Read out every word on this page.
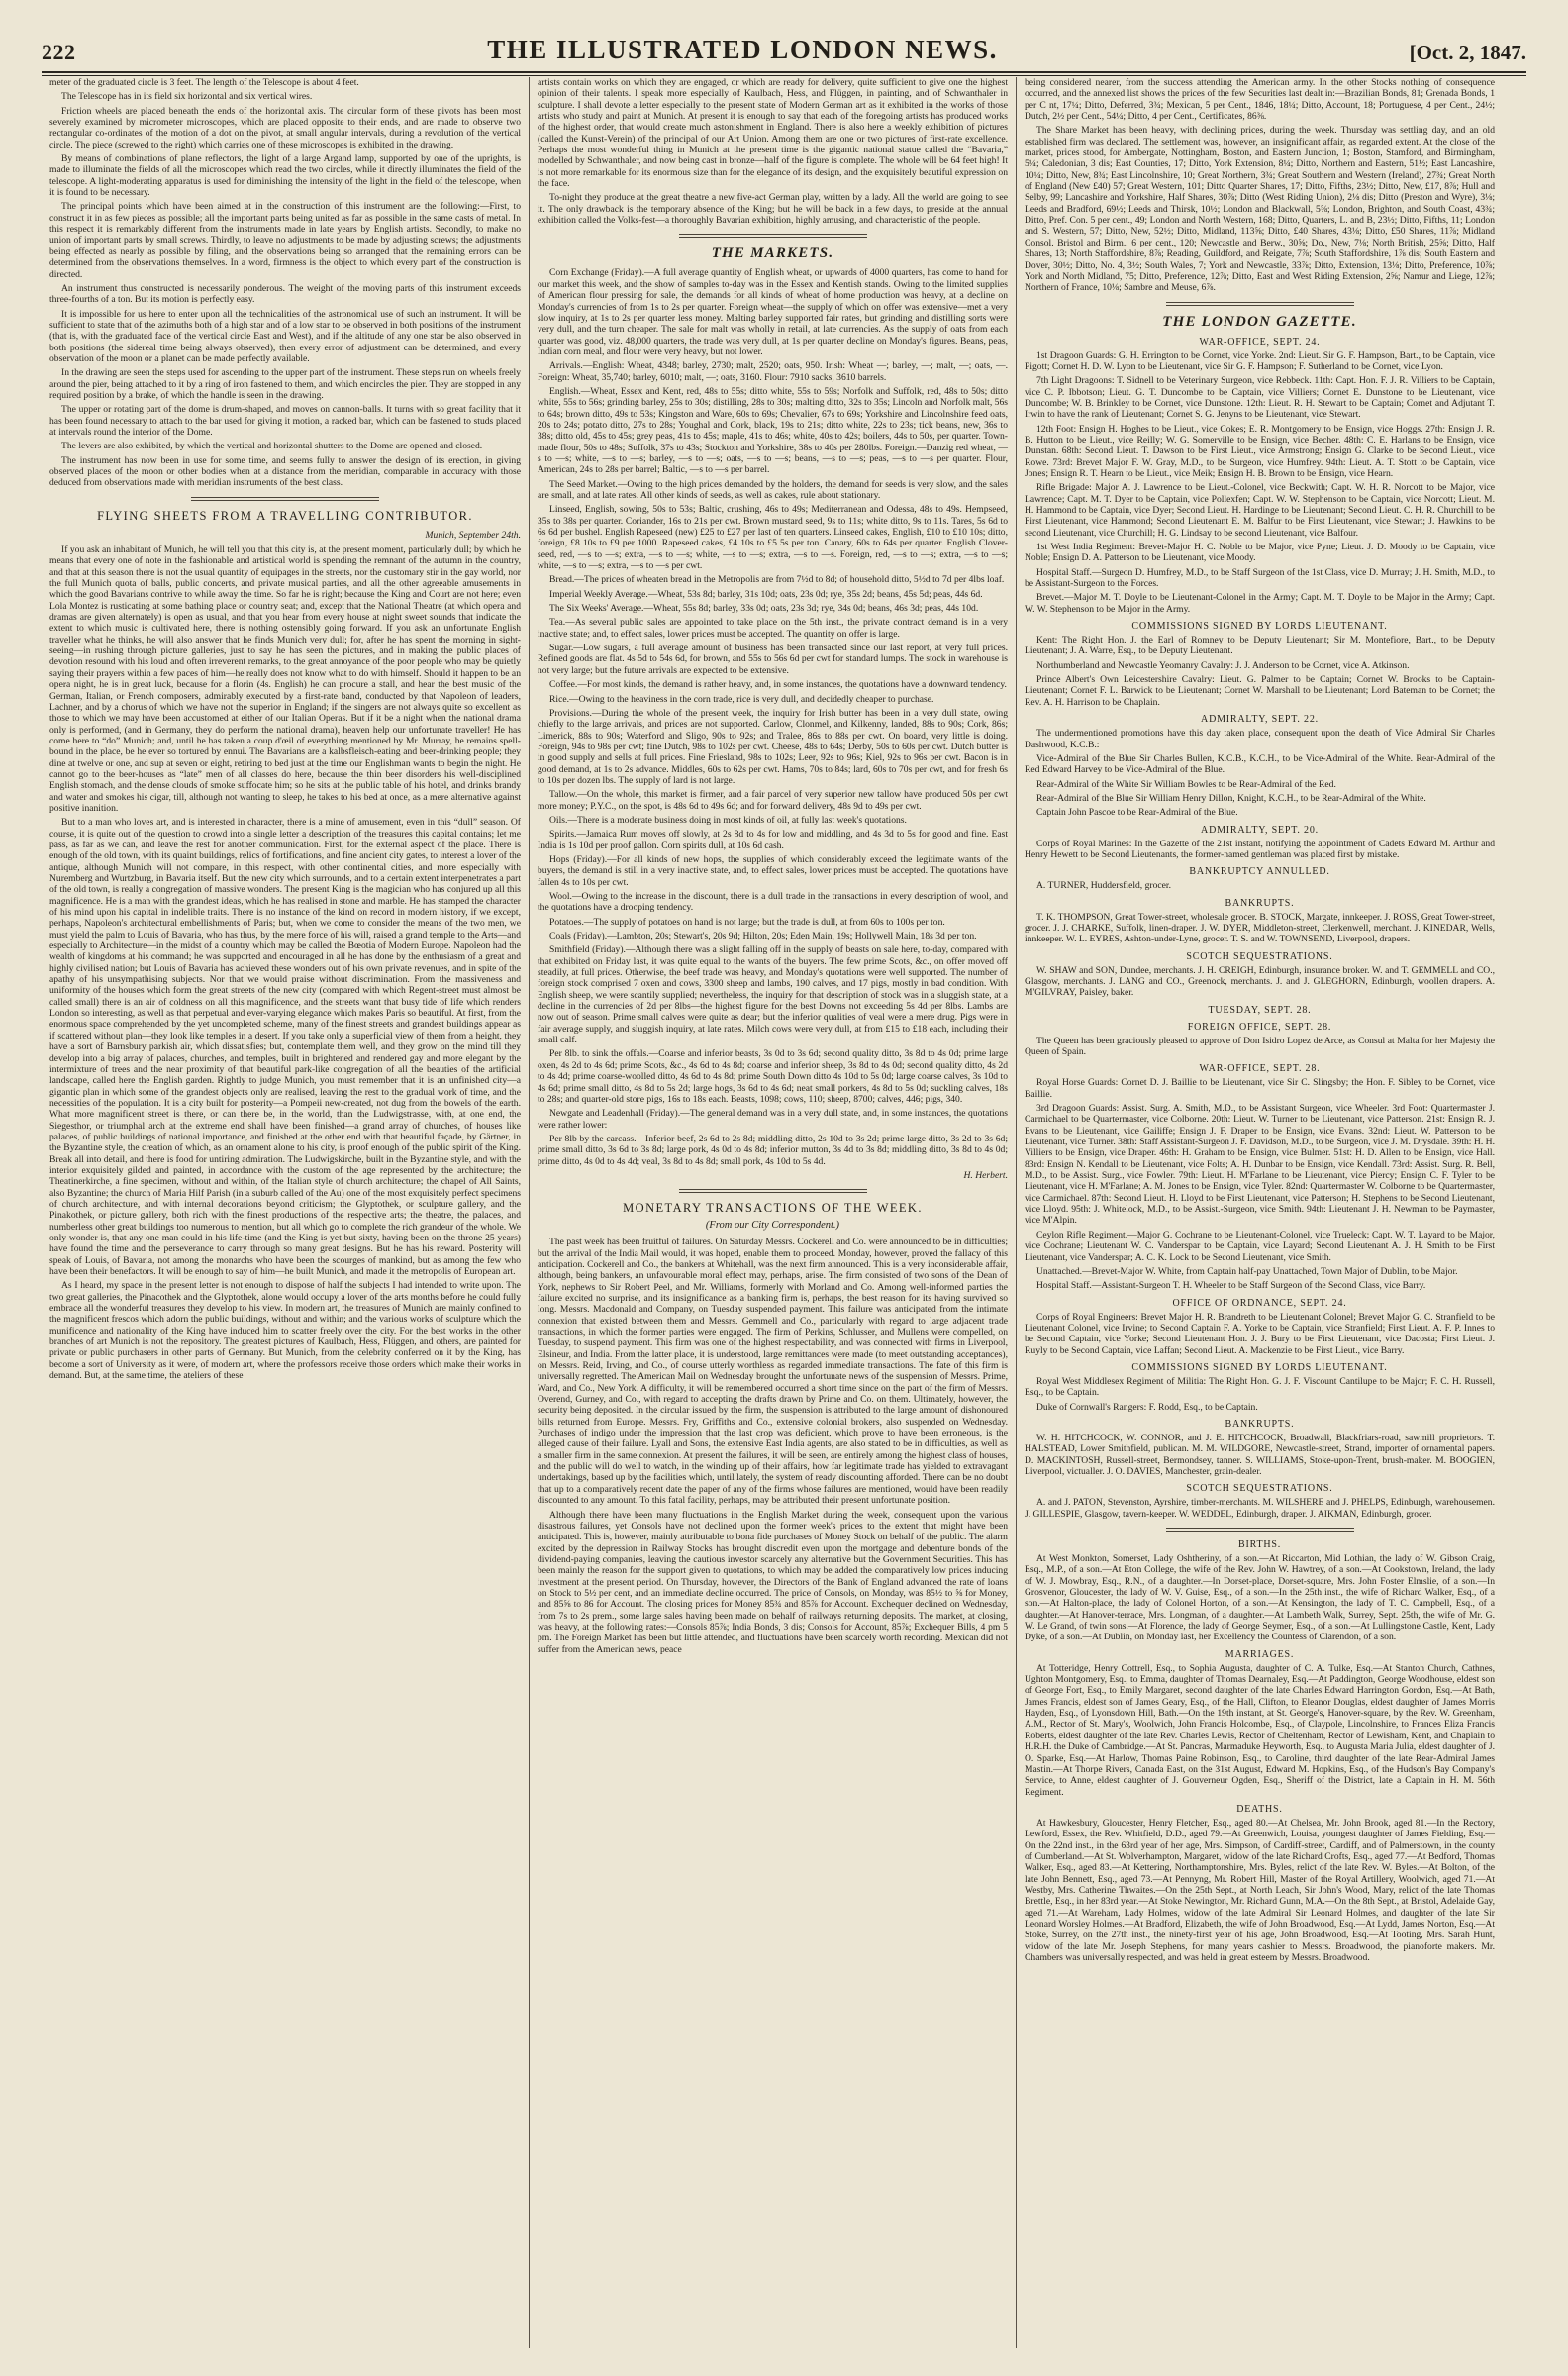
222	THE ILLUSTRATED LONDON NEWS.	[Oct. 2, 1847.

meter of the graduated circle is 3 feet. The length of the Telescope is about 4 feet.

The Telescope has in its field six horizontal and six vertical wires.

Friction wheels are placed beneath the ends of the horizontal axis. The circular form of these pivots has been most severely examined by micrometer microscopes, which are placed opposite to their ends, and are made to observe two rectangular co-ordinates of the motion of a dot on the pivot, at small angular intervals, during a revolution of the vertical circle. The piece (screwed to the right) which carries one of these microscopes is exhibited in the drawing.

By means of combinations of plane reflectors, the light of a large Argand lamp, supported by one of the uprights, is made to illuminate the fields of all the microscopes which read the two circles, while it directly illuminates the field of the telescope. A light-moderating apparatus is used for diminishing the intensity of the light in the field of the telescope, when it is found to be necessary.

The principal points which have been aimed at in the construction of this instrument are the following:—First, to construct it in as few pieces as possible; all the important parts being united as far as possible in the same casts of metal. In this respect it is remarkably different from the instruments made in late years by English artists. Secondly, to make no union of important parts by small screws. Thirdly, to leave no adjustments to be made by adjusting screws; the adjustments being effected as nearly as possible by filing, and the observations being so arranged that the remaining errors can be determined from the observations themselves. In a word, firmness is the object to which every part of the construction is directed.

An instrument thus constructed is necessarily ponderous. The weight of the moving parts of this instrument exceeds three-fourths of a ton. But its motion is perfectly easy.

It is impossible for us here to enter upon all the technicalities of the astronomical use of such an instrument. It will be sufficient to state that of the azimuths both of a high star and of a low star to be observed in both positions of the instrument (that is, with the graduated face of the vertical circle East and West), and if the altitude of any one star be also observed in both positions (the sidereal time being always observed), then every error of adjustment can be determined, and every observation of the moon or a planet can be made perfectly available.

In the drawing are seen the steps used for ascending to the upper part of the instrument. These steps run on wheels freely around the pier, being attached to it by a ring of iron fastened to them, and which encircles the pier. They are stopped in any required position by a brake, of which the handle is seen in the drawing.

The upper or rotating part of the dome is drum-shaped, and moves on cannon-balls. It turns with so great facility that it has been found necessary to attach to the bar used for giving it motion, a racked bar, which can be fastened to studs placed at intervals round the interior of the Dome.

The levers are also exhibited, by which the vertical and horizontal shutters to the Dome are opened and closed.

The instrument has now been in use for some time, and seems fully to answer the design of its erection, in giving observed places of the moon or other bodies when at a distance from the meridian, comparable in accuracy with those deduced from observations made with meridian instruments of the best class.

FLYING SHEETS FROM A TRAVELLING CONTRIBUTOR.

Munich, September 24th.

If you ask an inhabitant of Munich, he will tell you that this city is, at the present moment, particularly dull; by which he means that every one of note in the fashionable and artistical world is spending the remnant of the autumn in the country, and that at this season there is not the usual quantity of equipages in the streets, nor the customary stir in the gay world, nor the full Munich quota of balls, public concerts, and private musical parties, and all the other agreeable amusements in which the good Bavarians contrive to while away the time. So far he is right; because the King and Court are not here; even Lola Montez is rusticating at some bathing place or country seat; and, except that the National Theatre (at which opera and dramas are given alternately) is open as usual, and that you hear from every house at night sweet sounds that indicate the extent to which music is cultivated here, there is nothing ostensibly going forward. If you ask an unfortunate English traveller what he thinks, he will also answer that he finds Munich very dull; for, after he has spent the morning in sight-seeing—in rushing through picture galleries, just to say he has seen the pictures, and in making the public places of devotion resound with his loud and often irreverent remarks, to the great annoyance of the poor people who may be quietly saying their prayers within a few paces of him—he really does not know what to do with himself. Should it happen to be an opera night, he is in great luck, because for a florin (4s. English) he can procure a stall, and hear the best music of the German, Italian, or French composers, admirably executed by a first-rate band, conducted by that Napoleon of leaders, Lachner, and by a chorus of which we have not the superior in England; if the singers are not always quite so excellent as those to which we may have been accustomed at either of our Italian Operas. But if it be a night when the national drama only is performed, (and in Germany, they do perform the national drama), heaven help our unfortunate traveller! He has come here to “do” Munich; and, until he has taken a coup d'œil of everything mentioned by Mr. Murray, he remains spell-bound in the place, be he ever so tortured by ennui. The Bavarians are a kalbsfleisch-eating and beer-drinking people; they dine at twelve or one, and sup at seven or eight, retiring to bed just at the time our Englishman wants to begin the night. He cannot go to the beer-houses as “late” men of all classes do here, because the thin beer disorders his well-disciplined English stomach, and the dense clouds of smoke suffocate him; so he sits at the public table of his hotel, and drinks brandy and water and smokes his cigar, till, although not wanting to sleep, he takes to his bed at once, as a mere alternative against positive inanition.

But to a man who loves art, and is interested in character, there is a mine of amusement, even in this “dull” season. Of course, it is quite out of the question to crowd into a single letter a description of the treasures this capital contains; let me pass, as far as we can, and leave the rest for another communication. First, for the external aspect of the place. There is enough of the old town, with its quaint buildings, relics of fortifications, and fine ancient city gates, to interest a lover of the antique, although Munich will not compare, in this respect, with other continental cities, and more especially with Nuremberg and Wurtzburg, in Bavaria itself. But the new city which surrounds, and to a certain extent interpenetrates a part of the old town, is really a congregation of massive wonders. The present King is the magician who has conjured up all this magnificence. He is a man with the grandest ideas, which he has realised in stone and marble. He has stamped the character of his mind upon his capital in indelible traits. There is no instance of the kind on record in modern history, if we except, perhaps, Napoleon's architectural embellishments of Paris; but, when we come to consider the means of the two men, we must yield the palm to Louis of Bavaria, who has thus, by the mere force of his will, raised a grand temple to the Arts—and especially to Architecture—in the midst of a country which may be called the Bœotia of Modern Europe. Napoleon had the wealth of kingdoms at his command; he was supported and encouraged in all he has done by the enthusiasm of a great and highly civilised nation; but Louis of Bavaria has achieved these wonders out of his own private revenues, and in spite of the apathy of his unsympathising subjects. Nor that we would praise without discrimination. From the massiveness and uniformity of the houses which form the great streets of the new city (compared with which Regent-street must almost be called small) there is an air of coldness on all this magnificence, and the streets want that busy tide of life which renders London so interesting, as well as that perpetual and ever-varying elegance which makes Paris so beautiful. At first, from the enormous space comprehended by the yet uncompleted scheme, many of the finest streets and grandest buildings appear as if scattered without plan—they look like temples in a desert. If you take only a superficial view of them from a height, they have a sort of Barnsbury parkish air, which dissatisfies; but, contemplate them well, and they grow on the mind till they develop into a big array of palaces, churches, and temples, built in brightened and rendered gay and more elegant by the intermixture of trees and the near proximity of that beautiful park-like congregation of all the beauties of the artificial landscape, called here the English garden. Rightly to judge Munich, you must remember that it is an unfinished city—a gigantic plan in which some of the grandest objects only are realised, leaving the rest to the gradual work of time, and the necessities of the population. It is a city built for posterity—a Pompeii new-created, not dug from the bowels of the earth. What more magnificent street is there, or can there be, in the world, than the Ludwigstrasse, with, at one end, the Siegesthor, or triumphal arch at the extreme end shall have been finished—a grand array of churches, of houses like palaces, of public buildings of national importance, and finished at the other end with that beautiful façade, by Gärtner, in the Byzantine style, the creation of which, as an ornament alone to his city, is proof enough of the public spirit of the King. Break all into detail, and there is food for untiring admiration. The Ludwigskirche, built in the Byzantine style, and with the interior exquisitely gilded and painted, in accordance with the custom of the age represented by the architecture; the Theatinerkirche, a fine specimen, without and within, of the Italian style of church architecture; the chapel of All Saints, also Byzantine; the church of Maria Hilf Parish (in a suburb called of the Au) one of the most exquisitely perfect specimens of church architecture, and with internal decorations beyond criticism; the Glyptothek, or sculpture gallery, and the Pinakothek, or picture gallery, both rich with the finest productions of the respective arts; the theatre, the palaces, and numberless other great buildings too numerous to mention, but all which go to complete the rich grandeur of the whole. We only wonder is, that any one man could in his life-time (and the King is yet but sixty, having been on the throne 25 years) have found the time and the perseverance to carry through so many great designs. But he has his reward. Posterity will speak of Louis, of Bavaria, not among the monarchs who have been the scourges of mankind, but as among the few who have been their benefactors. It will be enough to say of him—he built Munich, and made it the metropolis of European art.

As I heard, my space in the present letter is not enough to dispose of half the subjects I had intended to write upon. The two great galleries, the Pinacothek and the Glyptothek, alone would occupy a lover of the arts months before he could fully embrace all the wonderful treasures they develop to his view. In modern art, the treasures of Munich are mainly confined to the magnificent frescos which adorn the public buildings, without and within; and the various works of sculpture which the munificence and nationality of the King have induced him to scatter freely over the city. For the best works in the other branches of art Munich is not the repository. The greatest pictures of Kaulbach, Hess, Flüggen, and others, are painted for private or public purchasers in other parts of Germany. But Munich, from the celebrity conferred on it by the King, has become a sort of University as it were, of modern art, where the professors receive those orders which make their works in demand. But, at the same time, the ateliers of these

artists contain works on which they are engaged, or which are ready for delivery, quite sufficient to give one the highest opinion of their talents. I speak more especially of Kaulbach, Hess, and Flüggen, in painting, and of Schwanthaler in sculpture. I shall devote a letter especially to the present state of Modern German art as it exhibited in the works of those artists who study and paint at Munich. At present it is enough to say that each of the foregoing artists has produced works of the highest order, that would create much astonishment in England. There is also here a weekly exhibition of pictures (called the Kunst-Verein) of the principal of our Art Union. Among them are one or two pictures of first-rate excellence. Perhaps the most wonderful thing in Munich at the present time is the gigantic national statue called the “Bavaria,” modelled by Schwanthaler, and now being cast in bronze—half of the figure is complete. The whole will be 64 feet high! It is not more remarkable for its enormous size than for the elegance of its design, and the exquisitely beautiful expression on the face.

To-night they produce at the great theatre a new five-act German play, written by a lady. All the world are going to see it. The only drawback is the temporary absence of the King; but he will be back in a few days, to preside at the annual exhibition called the Volks-fest—a thoroughly Bavarian exhibition, highly amusing, and characteristic of the people.

THE MARKETS.

Corn Exchange (Friday).—A full average quantity of English wheat, or upwards of 4000 quarters, has come to hand for our market this week, and the show of samples to-day was in the Essex and Kentish stands. Owing to the limited supplies of American flour pressing for sale, the demands for all kinds of wheat of home production was heavy, at a decline on Monday's currencies of from 1s to 2s per quarter. Foreign wheat—the supply of which on offer was extensive—met a very slow inquiry, at 1s to 2s per quarter less money. Malting barley supported fair rates, but grinding and distilling sorts were very dull, and the turn cheaper. The sale for malt was wholly in retail, at late currencies. As the supply of oats from each quarter was good, viz. 48,000 quarters, the trade was very dull, at 1s per quarter decline on Monday's figures. Beans, peas, Indian corn meal, and flour were very heavy, but not lower.

Arrivals.—English: Wheat, 4348; barley, 2730; malt, 2520; oats, 950. Irish: Wheat —; barley, —; malt, —; oats, —. Foreign: Wheat, 35,740; barley, 6010; malt, —; oats, 3160. Flour: 7910 sacks, 3610 barrels.

English.—Wheat, Essex and Kent, red, 48s to 55s; ditto white, 55s to 59s; Norfolk and Suffolk, red, 48s to 50s; ditto white, 55s to 56s; grinding barley, 25s to 30s; distilling, 28s to 30s; malting ditto, 32s to 35s; Lincoln and Norfolk malt, 56s to 64s; brown ditto, 49s to 53s; Kingston and Ware, 60s to 69s; Chevalier, 67s to 69s; Yorkshire and Lincolnshire feed oats, 20s to 24s; potato ditto, 27s to 28s; Youghal and Cork, black, 19s to 21s; ditto white, 22s to 23s; tick beans, new, 36s to 38s; ditto old, 45s to 45s; grey peas, 41s to 45s; maple, 41s to 46s; white, 40s to 42s; boilers, 44s to 50s, per quarter. Town-made flour, 50s to 48s; Suffolk, 37s to 43s; Stockton and Yorkshire, 38s to 40s per 280lbs. Foreign.—Danzig red wheat, —s to —s; white, —s to —s; barley, —s to —s; oats, —s to —s; beans, —s to —s; peas, —s to —s per quarter. Flour, American, 24s to 28s per barrel; Baltic, —s to —s per barrel.

The Seed Market.—Owing to the high prices demanded by the holders, the demand for seeds is very slow, and the sales are small, and at late rates. All other kinds of seeds, as well as cakes, rule about stationary.

Linseed, English, sowing, 50s to 53s; Baltic, crushing, 46s to 49s; Mediterranean and Odessa, 48s to 49s. Hempseed, 35s to 38s per quarter. Coriander, 16s to 21s per cwt. Brown mustard seed, 9s to 11s; white ditto, 9s to 11s. Tares, 5s 6d to 6s 6d per bushel. English Rapeseed (new) £25 to £27 per last of ten quarters. Linseed cakes, English, £10 to £10 10s; ditto, foreign, £8 10s to £9 per 1000. Rapeseed cakes, £4 10s to £5 5s per ton. Canary, 60s to 64s per quarter. English Clover-seed, red, —s to —s; extra, —s to —s; white, —s to —s; extra, —s to —s. Foreign, red, —s to —s; extra, —s to —s; white, —s to —s; extra, —s to —s per cwt.

Bread.—The prices of wheaten bread in the Metropolis are from 7½d to 8d; of household ditto, 5½d to 7d per 4lbs loaf.

Imperial Weekly Average.—Wheat, 53s 8d; barley, 31s 10d; oats, 23s 0d; rye, 35s 2d; beans, 45s 5d; peas, 44s 6d.

The Six Weeks' Average.—Wheat, 55s 8d; barley, 33s 0d; oats, 23s 3d; rye, 34s 0d; beans, 46s 3d; peas, 44s 10d.

Tea.—As several public sales are appointed to take place on the 5th inst., the private contract demand is in a very inactive state; and, to effect sales, lower prices must be accepted. The quantity on offer is large.

Sugar.—Low sugars, a full average amount of business has been transacted since our last report, at very full prices. Refined goods are flat. 4s 5d to 54s 6d, for brown, and 55s to 56s 6d per cwt for standard lumps. The stock in warehouse is not very large; but the future arrivals are expected to be extensive.

Coffee.—For most kinds, the demand is rather heavy, and, in some instances, the quotations have a downward tendency.

Rice.—Owing to the heaviness in the corn trade, rice is very dull, and decidedly cheaper to purchase.

Provisions.—During the whole of the present week, the inquiry for Irish butter has been in a very dull state, owing chiefly to the large arrivals, and prices are not supported. Carlow, Clonmel, and Kilkenny, landed, 88s to 90s; Cork, 86s; Limerick, 88s to 90s; Waterford and Sligo, 90s to 92s; and Tralee, 86s to 88s per cwt. On board, very little is doing. Foreign, 94s to 98s per cwt; fine Dutch, 98s to 102s per cwt. Cheese, 48s to 64s; Derby, 50s to 60s per cwt. Dutch butter is in good supply and sells at full prices. Fine Friesland, 98s to 102s; Leer, 92s to 96s; Kiel, 92s to 96s per cwt. Bacon is in good demand, at 1s to 2s advance. Middles, 60s to 62s per cwt. Hams, 70s to 84s; lard, 60s to 70s per cwt, and for fresh 6s to 10s per dozen lbs. The supply of lard is not large.

Tallow.—On the whole, this market is firmer, and a fair parcel of very superior new tallow have produced 50s per cwt more money; P.Y.C., on the spot, is 48s 6d to 49s 6d; and for forward delivery, 48s 9d to 49s per cwt.

Oils.—There is a moderate business doing in most kinds of oil, at fully last week's quotations.

Spirits.—Jamaica Rum moves off slowly, at 2s 8d to 4s for low and middling, and 4s 3d to 5s for good and fine. East India is 1s 10d per proof gallon. Corn spirits dull, at 10s 6d cash.

Hops (Friday).—For all kinds of new hops, the supplies of which considerably exceed the legitimate wants of the buyers, the demand is still in a very inactive state, and, to effect sales, lower prices must be accepted. The quotations have fallen 4s to 10s per cwt.

Wool.—Owing to the increase in the discount, there is a dull trade in the transactions in every description of wool, and the quotations have a drooping tendency.

Potatoes.—The supply of potatoes on hand is not large; but the trade is dull, at from 60s to 100s per ton.

Coals (Friday).—Lambton, 20s; Stewart's, 20s 9d; Hilton, 20s; Eden Main, 19s; Hollywell Main, 18s 3d per ton.

Smithfield (Friday).—Although there was a slight falling off in the supply of beasts on sale here, to-day, compared with that exhibited on Friday last, it was quite equal to the wants of the buyers. The few prime Scots, &c., on offer moved off steadily, at full prices. Otherwise, the beef trade was heavy, and Monday's quotations were well supported. The number of foreign stock comprised 7 oxen and cows, 3300 sheep and lambs, 190 calves, and 17 pigs, mostly in bad condition. With English sheep, we were scantily supplied; nevertheless, the inquiry for that description of stock was in a sluggish state, at a decline in the currencies of 2d per 8lbs—the highest figure for the best Downs not exceeding 5s 4d per 8lbs. Lambs are now out of season. Prime small calves were quite as dear; but the inferior qualities of veal were a mere drug. Pigs were in fair average supply, and sluggish inquiry, at late rates. Milch cows were very dull, at from £15 to £18 each, including their small calf.

Per 8lb. to sink the offals.—Coarse and inferior beasts, 3s 0d to 3s 6d; second quality ditto, 3s 8d to 4s 0d; prime large oxen, 4s 2d to 4s 6d; prime Scots, &c., 4s 6d to 4s 8d; coarse and inferior sheep, 3s 8d to 4s 0d; second quality ditto, 4s 2d to 4s 4d; prime coarse-woolled ditto, 4s 6d to 4s 8d; prime South Down ditto 4s 10d to 5s 0d; large coarse calves, 3s 10d to 4s 6d; prime small ditto, 4s 8d to 5s 2d; large hogs, 3s 6d to 4s 6d; neat small porkers, 4s 8d to 5s 0d; suckling calves, 18s to 28s; and quarter-old store pigs, 16s to 18s each. Beasts, 1098; cows, 110; sheep, 8700; calves, 446; pigs, 340.

Newgate and Leadenhall (Friday).—The general demand was in a very dull state, and, in some instances, the quotations were rather lower:

Per 8lb by the carcass.—Inferior beef, 2s 6d to 2s 8d; middling ditto, 2s 10d to 3s 2d; prime large ditto, 3s 2d to 3s 6d; prime small ditto, 3s 6d to 3s 8d; large pork, 4s 0d to 4s 8d; inferior mutton, 3s 4d to 3s 8d; middling ditto, 3s 8d to 4s 0d; prime ditto, 4s 0d to 4s 4d; veal, 3s 8d to 4s 8d; small pork, 4s 10d to 5s 4d.

H. Herbert.

MONETARY TRANSACTIONS OF THE WEEK.
(From our City Correspondent.)

The past week has been fruitful of failures. On Saturday Messrs. Cockerell and Co. were announced to be in difficulties; but the arrival of the India Mail would, it was hoped, enable them to proceed. Monday, however, proved the fallacy of this anticipation. Cockerell and Co., the bankers at Whitehall, was the next firm announced. This is a very inconsiderable affair, although, being bankers, an unfavourable moral effect may, perhaps, arise. The firm consisted of two sons of the Dean of York, nephews to Sir Robert Peel, and Mr. Williams, formerly with Morland and Co. Among well-informed parties the failure excited no surprise, and its insignificance as a banking firm is, perhaps, the best reason for its having survived so long. Messrs. Macdonald and Company, on Tuesday suspended payment. This failure was anticipated from the intimate connexion that existed between them and Messrs. Gemmell and Co., particularly with regard to large adjacent trade transactions, in which the former parties were engaged. The firm of Perkins, Schlusser, and Mullens were compelled, on Tuesday, to suspend payment. This firm was one of the highest respectability, and was connected with firms in Liverpool, Elsineur, and India. From the latter place, it is understood, large remittances were made (to meet outstanding acceptances), on Messrs. Reid, Irving, and Co., of course utterly worthless as regarded immediate transactions. The fate of this firm is universally regretted. The American Mail on Wednesday brought the unfortunate news of the suspension of Messrs. Prime, Ward, and Co., New York. A difficulty, it will be remembered occurred a short time since on the part of the firm of Messrs. Overend, Gurney, and Co., with regard to accepting the drafts drawn by Prime and Co. on them. Ultimately, however, the security being deposited. In the circular issued by the firm, the suspension is attributed to the large amount of dishonoured bills returned from Europe. Messrs. Fry, Griffiths and Co., extensive colonial brokers, also suspended on Wednesday. Purchases of indigo under the impression that the last crop was deficient, which prove to have been erroneous, is the alleged cause of their failure. Lyall and Sons, the extensive East India agents, are also stated to be in difficulties, as well as a smaller firm in the same connexion. At present the failures, it will be seen, are entirely among the highest class of houses, and the public will do well to watch, in the winding up of their affairs, how far legitimate trade has yielded to extravagant undertakings, based up by the facilities which, until lately, the system of ready discounting afforded. There can be no doubt that up to a comparatively recent date the paper of any of the firms whose failures are mentioned, would have been readily discounted to any amount. To this fatal facility, perhaps, may be attributed their present unfortunate position.

Although there have been many fluctuations in the English Market during the week, consequent upon the various disastrous failures, yet Consols have not declined upon the former week's prices to the extent that might have been anticipated. This is, however, mainly attributable to bona fide purchases of Money Stock on behalf of the public. The alarm excited by the depression in Railway Stocks has brought discredit even upon the mortgage and debenture bonds of the dividend-paying companies, leaving the cautious investor scarcely any alternative but the Government Securities. This has been mainly the reason for the support given to quotations, to which may be added the comparatively low prices inducing investment at the present period. On Thursday, however, the Directors of the Bank of England advanced the rate of loans on Stock to 5½ per cent, and an immediate decline occurred. The price of Consols, on Monday, was 85½ to ⅝ for Money, and 85⅝ to 86 for Account. The closing prices for Money 85¾ and 85⅞ for Account. Exchequer declined on Wednesday, from 7s to 2s prem., some large sales having been made on behalf of railways returning deposits. The market, at closing, was heavy, at the following rates:—Consols 85⅞; India Bonds, 3 dis; Consols for Account, 85⅞; Exchequer Bills, 4 pm 5 pm. The Foreign Market has been but little attended, and fluctuations have been scarcely worth recording. Mexican did not suffer from the American news, peace

being considered nearer, from the success attending the American army. In the other Stocks nothing of consequence occurred, and the annexed list shows the prices of the few Securities last dealt in:—Brazilian Bonds, 81; Grenada Bonds, 1 per C nt, 17¼; Ditto, Deferred, 3¾; Mexican, 5 per Cent., 1846, 18¼; Ditto, Account, 18; Portuguese, 4 per Cent., 24½; Dutch, 2½ per Cent., 54¼; Ditto, 4 per Cent., Certificates, 86⅜.

The Share Market has been heavy, with declining prices, during the week. Thursday was settling day, and an old established firm was declared. The settlement was, however, an insignificant affair, as regarded extent. At the close of the market, prices stood, for Ambergate, Nottingham, Boston, and Eastern Junction, 1; Boston, Stamford, and Birmingham, 5¼; Caledonian, 3 dis; East Counties, 17; Ditto, York Extension, 8¼; Ditto, Northern and Eastern, 51½; East Lancashire, 10¼; Ditto, New, 8¾; East Lincolnshire, 10; Great Northern, 3¾; Great Southern and Western (Ireland), 27¾; Great North of England (New £40) 57; Great Western, 101; Ditto Quarter Shares, 17; Ditto, Fifths, 23½; Ditto, New, £17, 8⅞; Hull and Selby, 99; Lancashire and Yorkshire, Half Shares, 30⅞; Ditto (West Riding Union), 2⅛ dis; Ditto (Preston and Wyre), 3⅛; Leeds and Bradford, 69½; Leeds and Thirsk, 10½; London and Blackwall, 5⅝; London, Brighton, and South Coast, 43¾; Ditto, Pref. Con. 5 per cent., 49; London and North Western, 168; Ditto, Quarters, L. and B, 23½; Ditto, Fifths, 11; London and S. Western, 57; Ditto, New, 52½; Ditto, Midland, 113⅝; Ditto, £40 Shares, 43⅛; Ditto, £50 Shares, 11⅞; Midland Consol. Bristol and Birm., 6 per cent., 120; Newcastle and Berw., 30⅝; Do., New, 7⅛; North British, 25⅝; Ditto, Half Shares, 13; North Staffordshire, 8⅞; Reading, Guildford, and Reigate, 7⅞; South Staffordshire, 1⅞ dis; South Eastern and Dover, 30½; Ditto, No. 4, 3½; South Wales, 7; York and Newcastle, 33⅞; Ditto, Extension, 13⅛; Ditto, Preference, 10⅞; York and North Midland, 75; Ditto, Preference, 12⅞; Ditto, East and West Riding Extension, 2⅝; Namur and Liege, 12⅞; Northern of France, 10⅛; Sambre and Meuse, 6⅞.

THE LONDON GAZETTE.
WAR-OFFICE, SEPT. 24.

1st Dragoon Guards: G. H. Errington to be Cornet, vice Yorke. 2nd: Lieut. Sir G. F. Hampson, Bart., to be Captain, vice Pigott; Cornet H. D. W. Lyon to be Lieutenant, vice Sir G. F. Hampson; F. Sutherland to be Cornet, vice Lyon.

7th Light Dragoons: T. Sidnell to be Veterinary Surgeon, vice Rebbeck. 11th: Capt. Hon. F. J. R. Villiers to be Captain, vice C. P. Ibbotson; Lieut. G. T. Duncombe to be Captain, vice Villiers; Cornet E. Dunstone to be Lieutenant, vice Duncombe; W. B. Brinkley to be Cornet, vice Dunstone. 12th: Lieut. R. H. Stewart to be Captain; Cornet and Adjutant T. Irwin to have the rank of Lieutenant; Cornet S. G. Jenyns to be Lieutenant, vice Stewart.

12th Foot: Ensign H. Hoghes to be Lieut., vice Cokes; E. R. Montgomery to be Ensign, vice Hoggs. 27th: Ensign J. R. B. Hutton to be Lieut., vice Reilly; W. G. Somerville to be Ensign, vice Becher. 48th: C. E. Harlans to be Ensign, vice Dunstan. 68th: Second Lieut. T. Dawson to be First Lieut., vice Armstrong; Ensign G. Clarke to be Second Lieut., vice Rowe. 73rd: Brevet Major F. W. Gray, M.D., to be Surgeon, vice Humfrey. 94th: Lieut. A. T. Stott to be Captain, vice Jones; Ensign R. T. Hearn to be Lieut., vice Meik; Ensign H. B. Brown to be Ensign, vice Hearn.

Rifle Brigade: Major A. J. Lawrence to be Lieut.-Colonel, vice Beckwith; Capt. W. H. R. Norcott to be Major, vice Lawrence; Capt. M. T. Dyer to be Captain, vice Pollexfen; Capt. W. W. Stephenson to be Captain, vice Norcott; Lieut. M. H. Hammond to be Captain, vice Dyer; Second Lieut. H. Hardinge to be Lieutenant; Second Lieut. C. H. R. Churchill to be First Lieutenant, vice Hammond; Second Lieutenant E. M. Balfur to be First Lieutenant, vice Stewart; J. Hawkins to be second Lieutenant, vice Churchill; H. G. Lindsay to be second Lieutenant, vice Balfour.

1st West India Regiment: Brevet-Major H. C. Noble to be Major, vice Pyne; Lieut. J. D. Moody to be Captain, vice Noble; Ensign D. A. Patterson to be Lieutenant, vice Moody.

Hospital Staff.—Surgeon D. Humfrey, M.D., to be Staff Surgeon of the 1st Class, vice D. Murray; J. H. Smith, M.D., to be Assistant-Surgeon to the Forces.

Brevet.—Major M. T. Doyle to be Lieutenant-Colonel in the Army; Capt. M. T. Doyle to be Major in the Army; Capt. W. W. Stephenson to be Major in the Army.

COMMISSIONS SIGNED BY LORDS LIEUTENANT.

Kent: The Right Hon. J. the Earl of Romney to be Deputy Lieutenant; Sir M. Montefiore, Bart., to be Deputy Lieutenant; J. A. Warre, Esq., to be Deputy Lieutenant.

Northumberland and Newcastle Yeomanry Cavalry: J. J. Anderson to be Cornet, vice A. Atkinson.

Prince Albert's Own Leicestershire Cavalry: Lieut. G. Palmer to be Captain; Cornet W. Brooks to be Captain-Lieutenant; Cornet F. L. Barwick to be Lieutenant; Cornet W. Marshall to be Lieutenant; Lord Bateman to be Cornet; the Rev. A. H. Harrison to be Chaplain.

ADMIRALTY, SEPT. 22.

The undermentioned promotions have this day taken place, consequent upon the death of Vice Admiral Sir Charles Dashwood, K.C.B.:

Vice-Admiral of the Blue Sir Charles Bullen, K.C.B., K.C.H., to be Vice-Admiral of the White. Rear-Admiral of the Red Edward Harvey to be Vice-Admiral of the Blue.

Rear-Admiral of the White Sir William Bowles to be Rear-Admiral of the Red.

Rear-Admiral of the Blue Sir William Henry Dillon, Knight, K.C.H., to be Rear-Admiral of the White.

Captain John Pascoe to be Rear-Admiral of the Blue.

ADMIRALTY, SEPT. 20.

Corps of Royal Marines: In the Gazette of the 21st instant, notifying the appointment of Cadets Edward M. Arthur and Henry Hewett to be Second Lieutenants, the former-named gentleman was placed first by mistake.

BANKRUPTCY ANNULLED.

A. TURNER, Huddersfield, grocer.

BANKRUPTS.

T. K. THOMPSON, Great Tower-street, wholesale grocer. B. STOCK, Margate, innkeeper. J. ROSS, Great Tower-street, grocer. J. J. CHARKE, Suffolk, linen-draper. J. W. DYER, Middleton-street, Clerkenwell, merchant. J. KINEDAR, Wells, innkeeper. W. L. EYRES, Ashton-under-Lyne, grocer. T. S. and W. TOWNSEND, Liverpool, drapers.

SCOTCH SEQUESTRATIONS.

W. SHAW and SON, Dundee, merchants. J. H. CREIGH, Edinburgh, insurance broker. W. and T. GEMMELL and CO., Glasgow, merchants. J. LANG and CO., Greenock, merchants. J. and J. GLEGHORN, Edinburgh, woollen drapers. A. M'GILVRAY, Paisley, baker.

TUESDAY, SEPT. 28.
FOREIGN OFFICE, SEPT. 28.

The Queen has been graciously pleased to approve of Don Isidro Lopez de Arce, as Consul at Malta for her Majesty the Queen of Spain.

WAR-OFFICE, SEPT. 28.

Royal Horse Guards: Cornet D. J. Baillie to be Lieutenant, vice Sir C. Slingsby; the Hon. F. Sibley to be Cornet, vice Baillie.

3rd Dragoon Guards: Assist. Surg. A. Smith, M.D., to be Assistant Surgeon, vice Wheeler. 3rd Foot: Quartermaster J. Carmichael to be Quartermaster, vice Colborne. 20th: Lieut. W. Turner to be Lieutenant, vice Patterson. 21st: Ensign R. J. Evans to be Lieutenant, vice Gailiffe; Ensign J. F. Draper to be Ensign, vice Evans. 32nd: Lieut. W. Patterson to be Lieutenant, vice Turner. 38th: Staff Assistant-Surgeon J. F. Davidson, M.D., to be Surgeon, vice J. M. Drysdale. 39th: H. H. Villiers to be Ensign, vice Draper. 46th: H. Graham to be Ensign, vice Bulmer. 51st: H. D. Allen to be Ensign, vice Hall. 83rd: Ensign N. Kendall to be Lieutenant, vice Folts; A. H. Dunbar to be Ensign, vice Kendall. 73rd: Assist. Surg. R. Bell, M.D., to be Assist. Surg., vice Fowler. 79th: Lieut. H. M'Farlane to be Lieutenant, vice Piercy; Ensign C. F. Tyler to be Lieutenant, vice H. M'Farlane; A. M. Jones to be Ensign, vice Tyler. 82nd: Quartermaster W. Colborne to be Quartermaster, vice Carmichael. 87th: Second Lieut. H. Lloyd to be First Lieutenant, vice Patterson; H. Stephens to be Second Lieutenant, vice Lloyd. 95th: J. Whitelock, M.D., to be Assist.-Surgeon, vice Smith. 94th: Lieutenant J. H. Newman to be Paymaster, vice M'Alpin.

Ceylon Rifle Regiment.—Major G. Cochrane to be Lieutenant-Colonel, vice Trueleck; Capt. W. T. Layard to be Major, vice Cochrane; Lieutenant W. C. Vanderspar to be Captain, vice Layard; Second Lieutenant A. J. H. Smith to be First Lieutenant, vice Vanderspar; A. C. K. Lock to be Second Lieutenant, vice Smith.

Unattached.—Brevet-Major W. White, from Captain half-pay Unattached, Town Major of Dublin, to be Major.

Hospital Staff.—Assistant-Surgeon T. H. Wheeler to be Staff Surgeon of the Second Class, vice Barry.

OFFICE OF ORDNANCE, SEPT. 24.

Corps of Royal Engineers: Brevet Major H. R. Brandreth to be Lieutenant Colonel; Brevet Major G. C. Stranfield to be Lieutenant Colonel, vice Irvine; to Second Captain F. A. Yorke to be Captain, vice Stranfield; First Lieut. A. F. P. Innes to be Second Captain, vice Yorke; Second Lieutenant Hon. J. J. Bury to be First Lieutenant, vice Dacosta; First Lieut. J. Ruyly to be Second Captain, vice Laffan; Second Lieut. A. Mackenzie to be First Lieut., vice Barry.

COMMISSIONS SIGNED BY LORDS LIEUTENANT.

Royal West Middlesex Regiment of Militia: The Right Hon. G. J. F. Viscount Cantilupe to be Major; F. C. H. Russell, Esq., to be Captain.

Duke of Cornwall's Rangers: F. Rodd, Esq., to be Captain.

BANKRUPTS.

W. H. HITCHCOCK, W. CONNOR, and J. E. HITCHCOCK, Broadwall, Blackfriars-road, sawmill proprietors. T. HALSTEAD, Lower Smithfield, publican. M. M. WILDGORE, Newcastle-street, Strand, importer of ornamental papers. D. MACKINTOSH, Russell-street, Bermondsey, tanner. S. WILLIAMS, Stoke-upon-Trent, brush-maker. M. BOOGIEN, Liverpool, victualler. J. O. DAVIES, Manchester, grain-dealer.

SCOTCH SEQUESTRATIONS.

A. and J. PATON, Stevenston, Ayrshire, timber-merchants. M. WILSHERE and J. PHELPS, Edinburgh, warehousemen. J. GILLESPIE, Glasgow, tavern-keeper. W. WEDDEL, Edinburgh, draper. J. AIKMAN, Edinburgh, grocer.

BIRTHS.

At West Monkton, Somerset, Lady Oshtheriny, of a son.—At Riccarton, Mid Lothian, the lady of W. Gibson Craig, Esq., M.P., of a son.—At Eton College, the wife of the Rev. John W. Hawtrey, of a son.—At Cookstown, Ireland, the lady of W. J. Mowbray, Esq., R.N., of a daughter.—In Dorset-place, Dorset-square, Mrs. John Foster Elmslie, of a son.—In Grosvenor, Gloucester, the lady of W. V. Guise, Esq., of a son.—In the 25th inst., the wife of Richard Walker, Esq., of a son.—At Halton-place, the lady of Colonel Horton, of a son.—At Kensington, the lady of T. C. Campbell, Esq., of a daughter.—At Hanover-terrace, Mrs. Longman, of a daughter.—At Lambeth Walk, Surrey, Sept. 25th, the wife of Mr. G. W. Le Grand, of twin sons.—At Florence, the lady of George Seymer, Esq., of a son.—At Lullingstone Castle, Kent, Lady Dyke, of a son.—At Dublin, on Monday last, her Excellency the Countess of Clarendon, of a son.

MARRIAGES.

At Totteridge, Henry Cottrell, Esq., to Sophia Augusta, daughter of C. A. Tulke, Esq.—At Stanton Church, Cathnes, Ughton Montgomery, Esq., to Emma, daughter of Thomas Dearnaley, Esq.—At Paddington, George Woodhouse, eldest son of George Fort, Esq., to Emily Margaret, second daughter of the late Charles Edward Harrington Gordon, Esq.—At Bath, James Francis, eldest son of James Geary, Esq., of the Hall, Clifton, to Eleanor Douglas, eldest daughter of James Morris Hayden, Esq., of Lyonsdown Hill, Bath.—On the 19th instant, at St. George's, Hanover-square, by the Rev. W. Greenham, A.M., Rector of St. Mary's, Woolwich, John Francis Holcombe, Esq., of Claypole, Lincolnshire, to Frances Eliza Francis Roberts, eldest daughter of the late Rev. Charles Lewis, Rector of Cheltenham, Rector of Lewisham, Kent, and Chaplain to H.R.H. the Duke of Cambridge.—At St. Pancras, Marmaduke Heyworth, Esq., to Augusta Maria Julia, eldest daughter of J. O. Sparke, Esq.—At Harlow, Thomas Paine Robinson, Esq., to Caroline, third daughter of the late Rear-Admiral James Mastin.—At Thorpe Rivers, Canada East, on the 31st August, Edward M. Hopkins, Esq., of the Hudson's Bay Company's Service, to Anne, eldest daughter of J. Gouverneur Ogden, Esq., Sheriff of the District, late a Captain in H. M. 56th Regiment.

DEATHS.

At Hawkesbury, Gloucester, Henry Fletcher, Esq., aged 80.—At Chelsea, Mr. John Brook, aged 81.—In the Rectory, Lewford, Essex, the Rev. Whitfield, D.D., aged 79.—At Greenwich, Louisa, youngest daughter of James Fielding, Esq.—On the 22nd inst., in the 63rd year of her age, Mrs. Simpson, of Cardiff-street, Cardiff, and of Palmerstown, in the county of Cumberland.—At St. Wolverhampton, Margaret, widow of the late Richard Crofts, Esq., aged 77.—At Bedford, Thomas Walker, Esq., aged 83.—At Kettering, Northamptonshire, Mrs. Byles, relict of the late Rev. W. Byles.—At Bolton, of the late John Bennett, Esq., aged 73.—At Pennyng, Mr. Robert Hill, Master of the Royal Artillery, Woolwich, aged 71.—At Westby, Mrs. Catherine Thwaites.—On the 25th Sept., at North Leach, Sir John's Wood, Mary, relict of the late Thomas Brettle, Esq., in her 83rd year.—At Stoke Newington, Mr. Richard Gunn, M.A.—On the 8th Sept., at Bristol, Adelaide Gay, aged 71.—At Wareham, Lady Holmes, widow of the late Admiral Sir Leonard Holmes, and daughter of the late Sir Leonard Worsley Holmes.—At Bradford, Elizabeth, the wife of John Broadwood, Esq.—At Lydd, James Norton, Esq.—At Stoke, Surrey, on the 27th inst., the ninety-first year of his age, John Broadwood, Esq.—At Tooting, Mrs. Sarah Hunt, widow of the late Mr. Joseph Stephens, for many years cashier to Messrs. Broadwood, the pianoforte makers. Mr. Chambers was universally respected, and was held in great esteem by Messrs. Broadwood.
